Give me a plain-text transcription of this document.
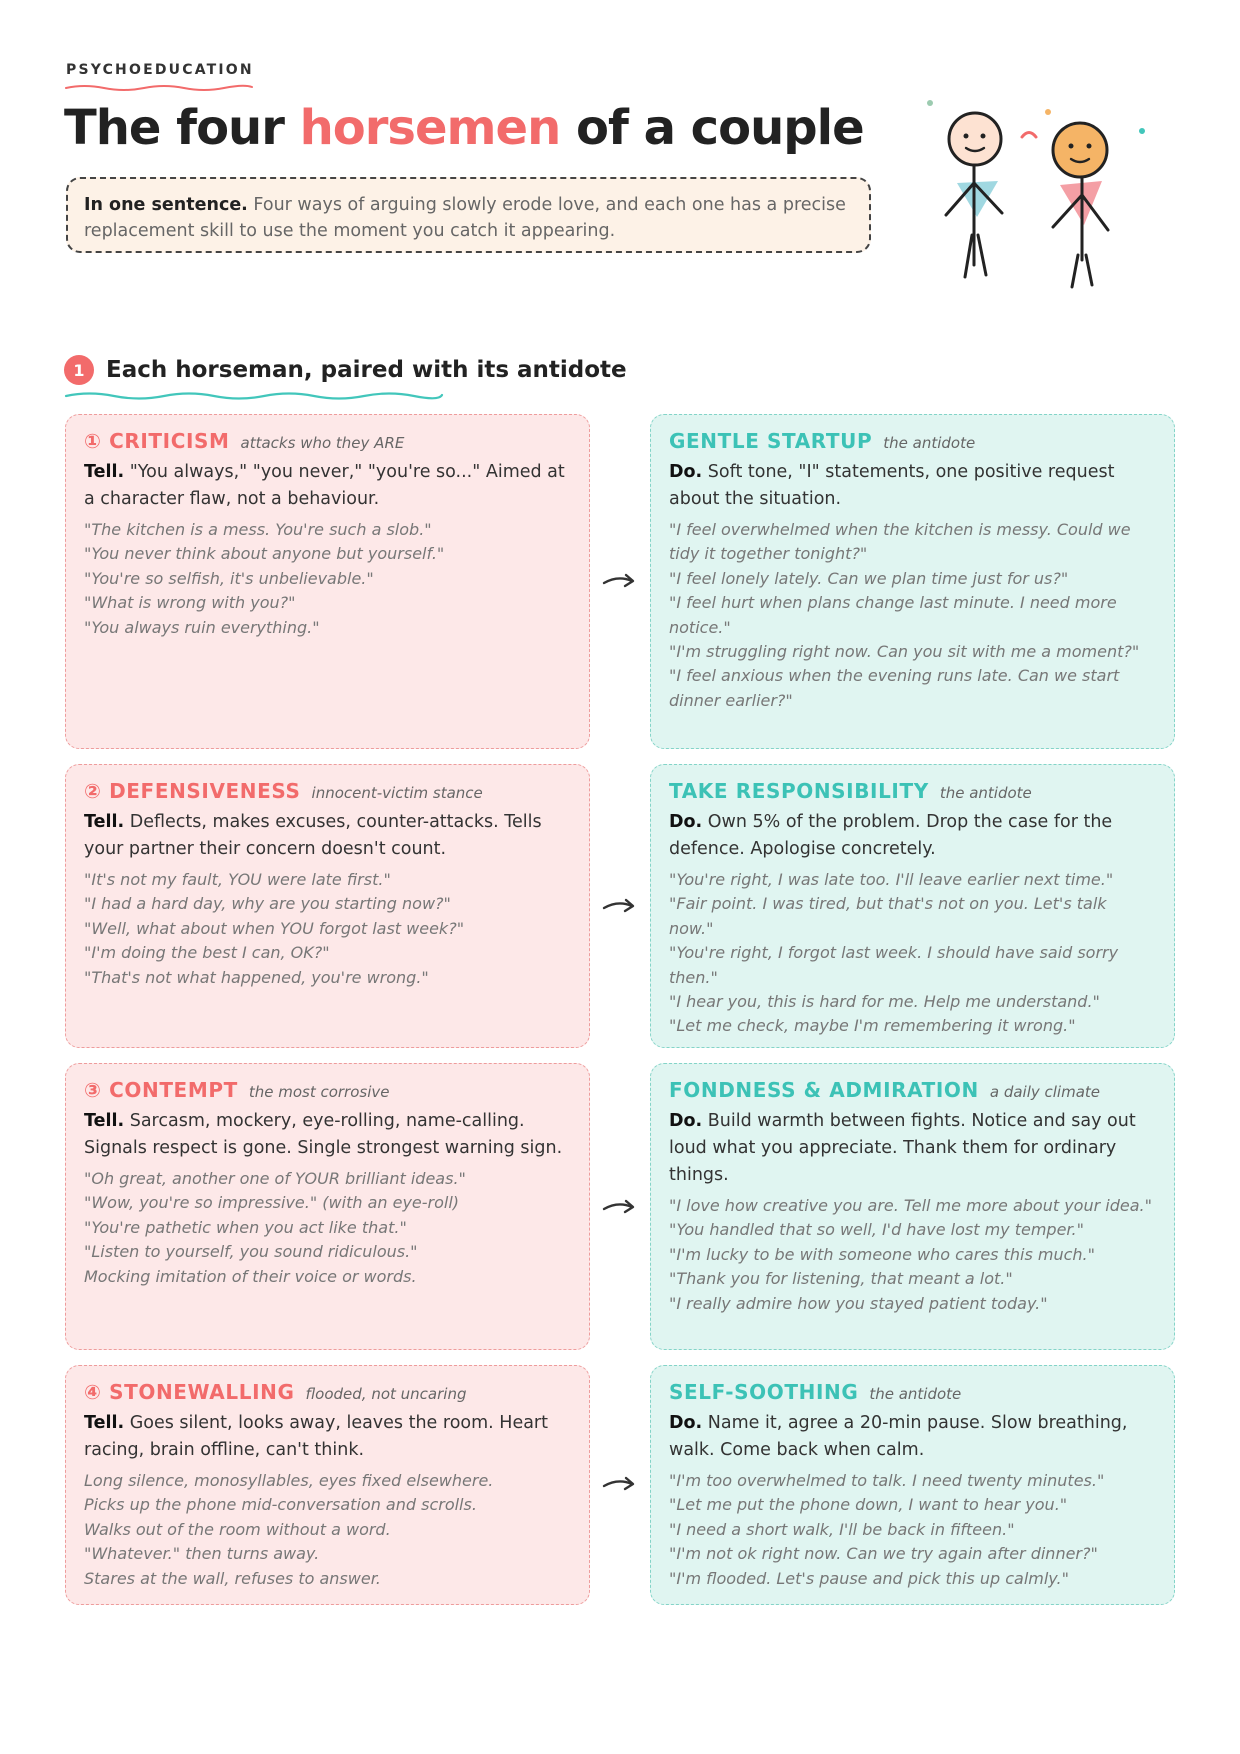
PSYCHOEDUCATION
The four horsemen of a couple
In one sentence. Four ways of arguing slowly erode love, and each one has a precise replacement skill to use the moment you catch it appearing.
1 Each horseman, paired with its antidote
① CRITICISM attacks who they ARE
Tell. "You always," "you never," "you're so..." Aimed at a character flaw, not a behaviour.
"The kitchen is a mess. You're such a slob."
"You never think about anyone but yourself."
"You're so selfish, it's unbelievable."
"What is wrong with you?"
"You always ruin everything."
GENTLE STARTUP the antidote
Do. Soft tone, "I" statements, one positive request about the situation.
"I feel overwhelmed when the kitchen is messy. Could we tidy it together tonight?"
"I feel lonely lately. Can we plan time just for us?"
"I feel hurt when plans change last minute. I need more notice."
"I'm struggling right now. Can you sit with me a moment?"
"I feel anxious when the evening runs late. Can we start dinner earlier?"
② DEFENSIVENESS innocent-victim stance
Tell. Deflects, makes excuses, counter-attacks. Tells your partner their concern doesn't count.
"It's not my fault, YOU were late first."
"I had a hard day, why are you starting now?"
"Well, what about when YOU forgot last week?"
"I'm doing the best I can, OK?"
"That's not what happened, you're wrong."
TAKE RESPONSIBILITY the antidote
Do. Own 5% of the problem. Drop the case for the defence. Apologise concretely.
"You're right, I was late too. I'll leave earlier next time."
"Fair point. I was tired, but that's not on you. Let's talk now."
"You're right, I forgot last week. I should have said sorry then."
"I hear you, this is hard for me. Help me understand."
"Let me check, maybe I'm remembering it wrong."
③ CONTEMPT the most corrosive
Tell. Sarcasm, mockery, eye-rolling, name-calling. Signals respect is gone. Single strongest warning sign.
"Oh great, another one of YOUR brilliant ideas."
"Wow, you're so impressive." (with an eye-roll)
"You're pathetic when you act like that."
"Listen to yourself, you sound ridiculous."
Mocking imitation of their voice or words.
FONDNESS & ADMIRATION a daily climate
Do. Build warmth between fights. Notice and say out loud what you appreciate. Thank them for ordinary things.
"I love how creative you are. Tell me more about your idea."
"You handled that so well, I'd have lost my temper."
"I'm lucky to be with someone who cares this much."
"Thank you for listening, that meant a lot."
"I really admire how you stayed patient today."
④ STONEWALLING flooded, not uncaring
Tell. Goes silent, looks away, leaves the room. Heart racing, brain offline, can't think.
Long silence, monosyllables, eyes fixed elsewhere.
Picks up the phone mid-conversation and scrolls.
Walks out of the room without a word.
"Whatever." then turns away.
Stares at the wall, refuses to answer.
SELF-SOOTHING the antidote
Do. Name it, agree a 20-min pause. Slow breathing, walk. Come back when calm.
"I'm too overwhelmed to talk. I need twenty minutes."
"Let me put the phone down, I want to hear you."
"I need a short walk, I'll be back in fifteen."
"I'm not ok right now. Can we try again after dinner?"
"I'm flooded. Let's pause and pick this up calmly."
